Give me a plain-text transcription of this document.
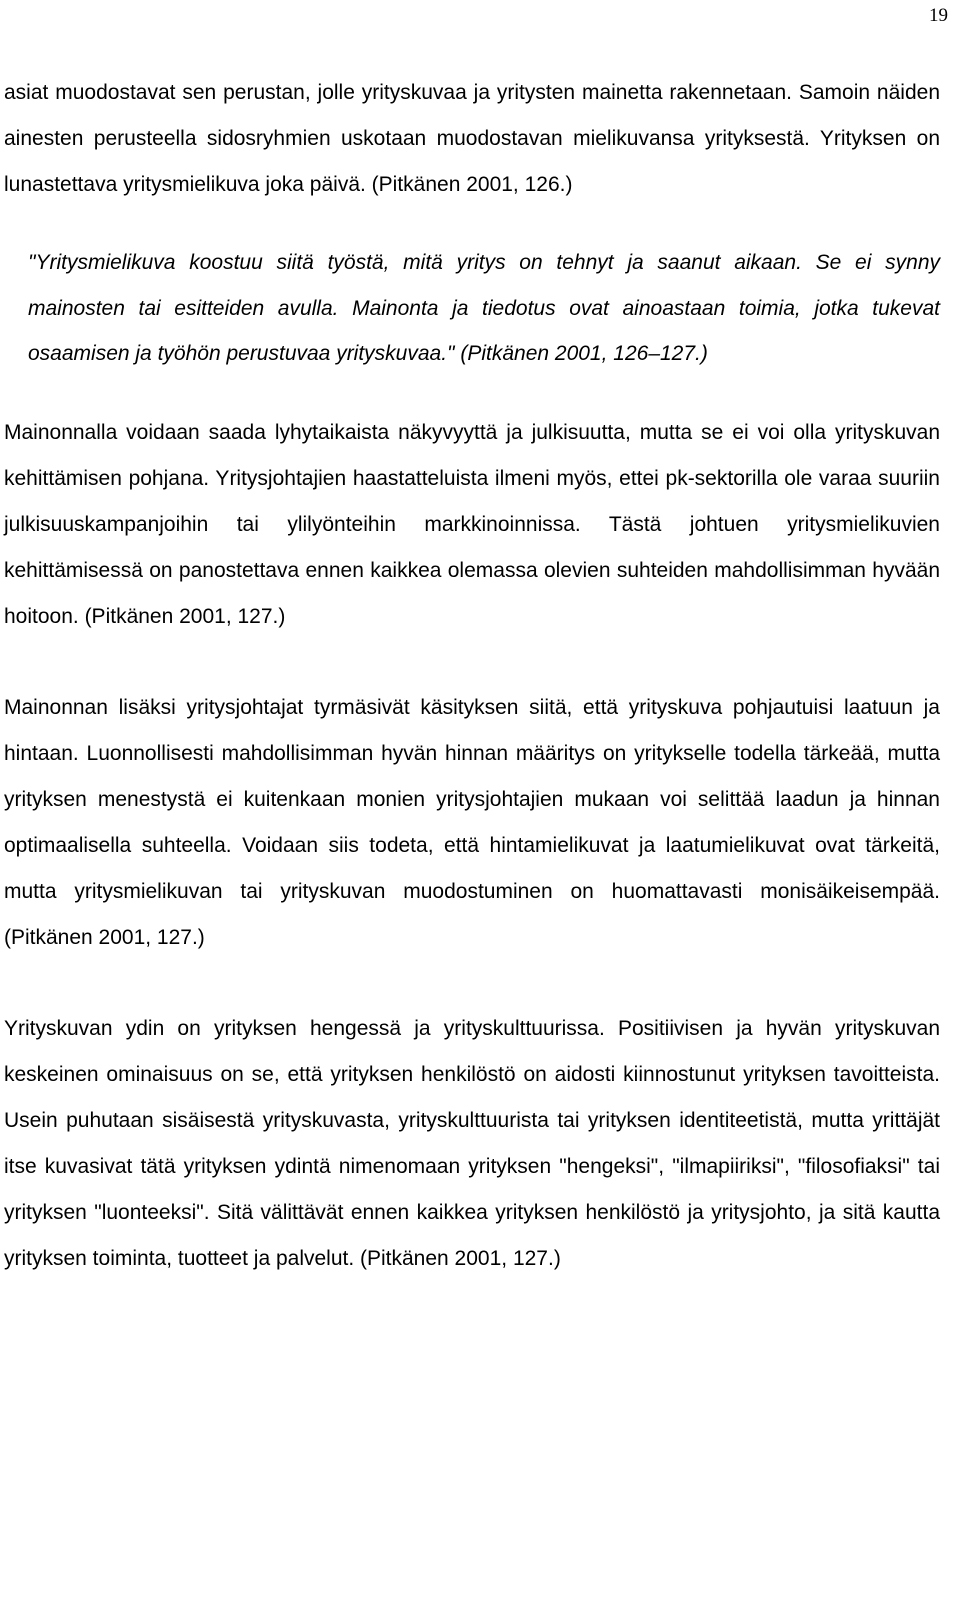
19

asiat muodostavat sen perustan, jolle yrityskuvaa ja yritysten mainetta rakennetaan. Samoin näiden ainesten perusteella sidosryhmien uskotaan muodostavan mielikuvansa yrityksestä. Yrityksen on lunastettava yritysmielikuva joka päivä. (Pitkänen 2001, 126.)

"Yritysmielikuva koostuu siitä työstä, mitä yritys on tehnyt ja saanut aikaan. Se ei synny mainosten tai esitteiden avulla. Mainonta ja tiedotus ovat ainoastaan toimia, jotka tukevat osaamisen ja työhön perustuvaa yrityskuvaa." (Pitkänen 2001, 126–127.)

Mainonnalla voidaan saada lyhytaikaista näkyvyyttä ja julkisuutta, mutta se ei voi olla yrityskuvan kehittämisen pohjana. Yritysjohtajien haastatteluista ilmeni myös, ettei pk-sektorilla ole varaa suuriin julkisuuskampanjoihin tai ylilyönteihin markkinoinnissa. Tästä johtuen yritysmielikuvien kehittämisessä on panostettava ennen kaikkea olemassa olevien suhteiden mahdollisimman hyvään hoitoon. (Pitkänen 2001, 127.)

Mainonnan lisäksi yritysjohtajat tyrmäsivät käsityksen siitä, että yrityskuva pohjautuisi laatuun ja hintaan. Luonnollisesti mahdollisimman hyvän hinnan määritys on yritykselle todella tärkeää, mutta yrityksen menestystä ei kuitenkaan monien yritysjohtajien mukaan voi selittää laadun ja hinnan optimaalisella suhteella. Voidaan siis todeta, että hintamielikuvat ja laatumielikuvat ovat tärkeitä, mutta yritysmielikuvan tai yrityskuvan muodostuminen on huomattavasti monisäikeisempää. (Pitkänen 2001, 127.)

Yrityskuvan ydin on yrityksen hengessä ja yrityskulttuurissa. Positiivisen ja hyvän yrityskuvan keskeinen ominaisuus on se, että yrityksen henkilöstö on aidosti kiinnostunut yrityksen tavoitteista. Usein puhutaan sisäisestä yrityskuvasta, yrityskulttuurista tai yrityksen identiteetistä, mutta yrittäjät itse kuvasivat tätä yrityksen ydintä nimenomaan yrityksen "hengeksi", "ilmapiiriksi", "filosofiaksi" tai yrityksen "luonteeksi". Sitä välittävät ennen kaikkea yrityksen henkilöstö ja yritysjohto, ja sitä kautta yrityksen toiminta, tuotteet ja palvelut. (Pitkänen 2001, 127.)
